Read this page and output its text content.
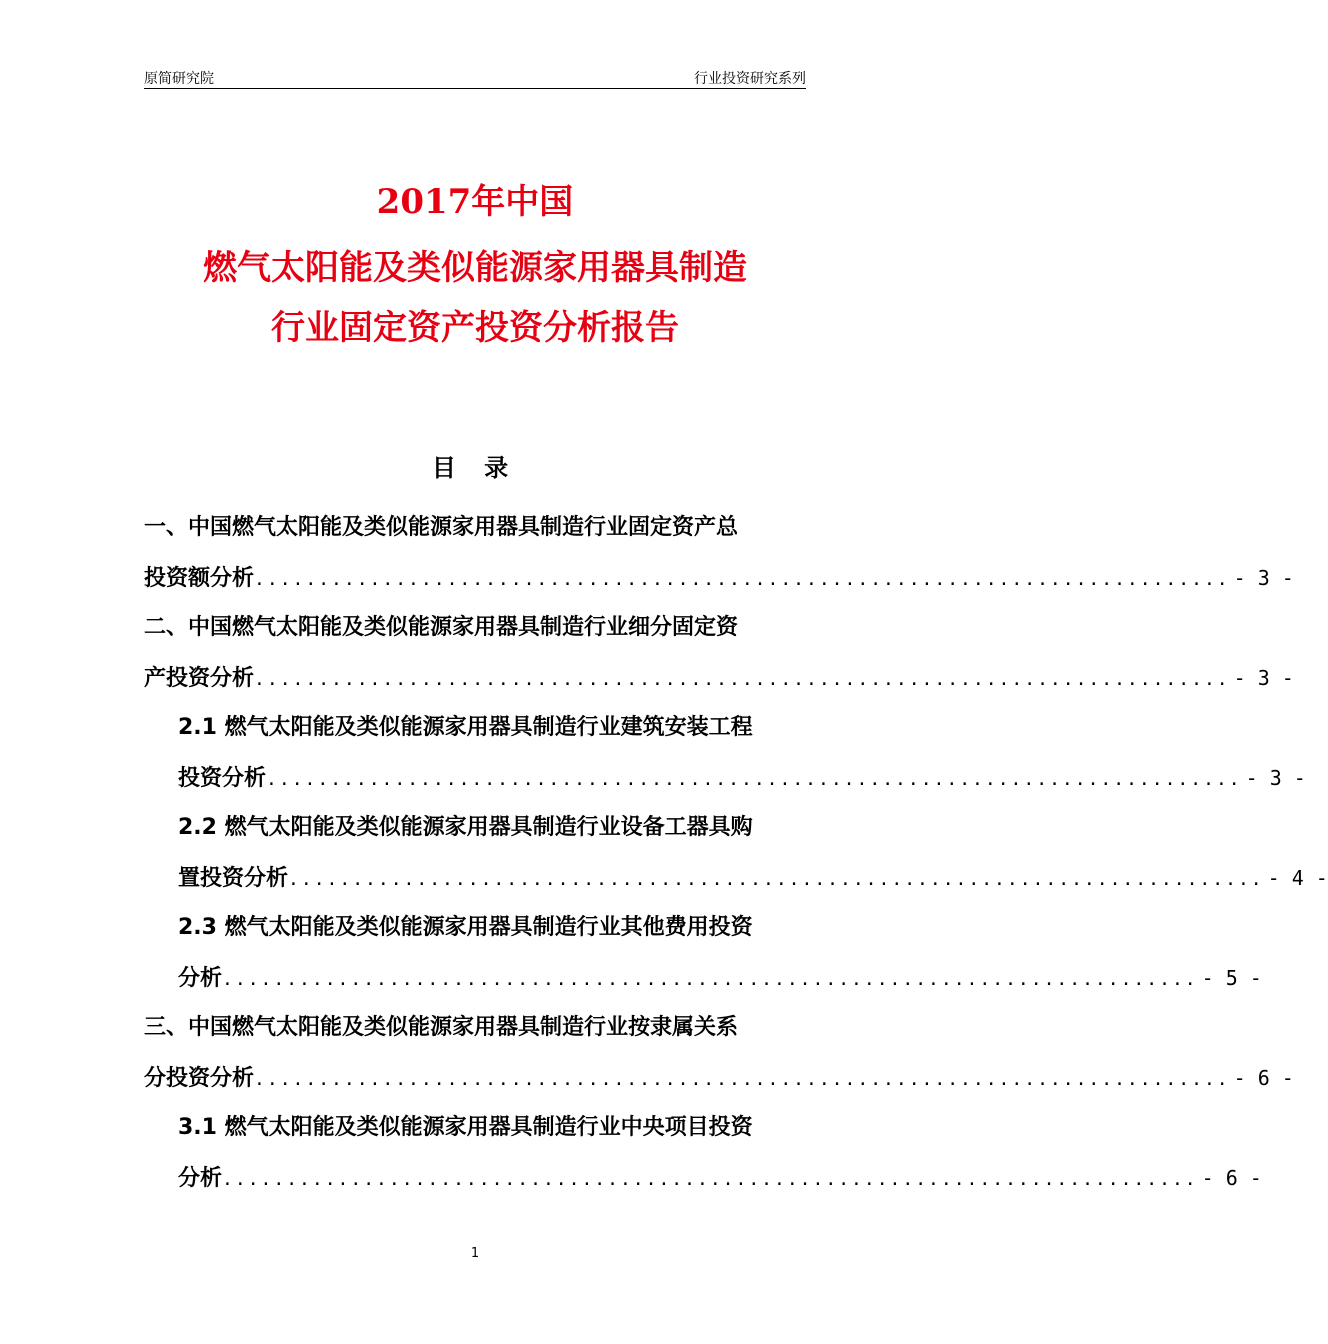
原简研究院	行业投资研究系列
2017年中国
燃气太阳能及类似能源家用器具制造
行业固定资产投资分析报告
目 录
一、中国燃气太阳能及类似能源家用器具制造行业固定资产总
投资额分析 ............................................................................ - 3 -
二、中国燃气太阳能及类似能源家用器具制造行业细分固定资
产投资分析 ............................................................................ - 3 -
2.1 燃气太阳能及类似能源家用器具制造行业建筑安装工程
投资分析 ............................................................................ - 3 -
2.2 燃气太阳能及类似能源家用器具制造行业设备工器具购
置投资分析 ............................................................................ - 4 -
2.3 燃气太阳能及类似能源家用器具制造行业其他费用投资
分析 ............................................................................ - 5 -
三、中国燃气太阳能及类似能源家用器具制造行业按隶属关系
分投资分析 ............................................................................ - 6 -
3.1 燃气太阳能及类似能源家用器具制造行业中央项目投资
分析 ............................................................................ - 6 -
1
